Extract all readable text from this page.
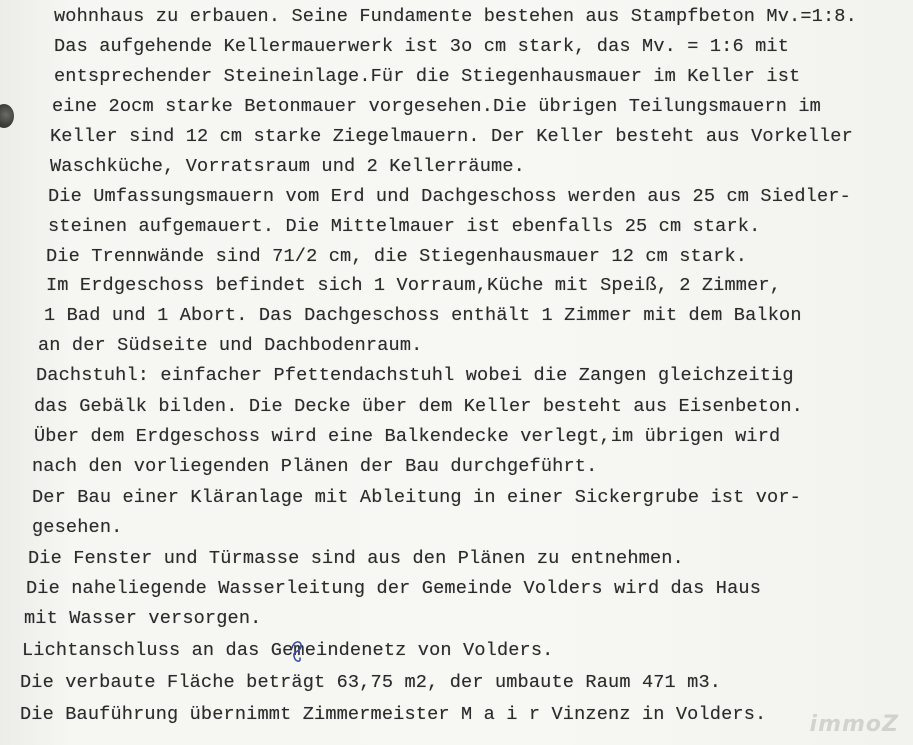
wohnhaus zu erbauen. Seine Fundamente bestehen aus Stampfbeton Mv.=1:8.
Das aufgehende Kellermauerwerk ist 3o cm stark, das Mv. = 1:6 mit
entsprechender Steineinlage.Für die Stiegenhausmauer im Keller ist
eine 2ocm starke Betonmauer vorgesehen.Die übrigen Teilungsmauern im
Keller sind 12 cm starke Ziegelmauern. Der Keller besteht aus Vorkeller
Waschküche, Vorratsraum und 2 Kellerräume.
Die Umfassungsmauern vom Erd und Dachgeschoss werden aus 25 cm Siedler-
steinen aufgemauert. Die Mittelmauer ist ebenfalls 25 cm stark.
Die Trennwände sind 71/2 cm, die Stiegenhausmauer 12 cm stark.
Im Erdgeschoss befindet sich 1 Vorraum,Küche mit Speiß, 2 Zimmer,
1 Bad und 1 Abort. Das Dachgeschoss enthält 1 Zimmer mit dem Balkon
an der Südseite und Dachbodenraum.
Dachstuhl: einfacher Pfettendachstuhl wobei die Zangen gleichzeitig
das Gebälk bilden. Die Decke über dem Keller besteht aus Eisenbeton.
Über dem Erdgeschoss wird eine Balkendecke verlegt,im übrigen wird
nach den vorliegenden Plänen der Bau durchgeführt.
Der Bau einer Kläranlage mit Ableitung in einer Sickergrube ist vor-
gesehen.
Die Fenster und Türmasse sind aus den Plänen zu entnehmen.
Die naheliegende Wasserleitung der Gemeinde Volders wird das Haus
mit Wasser versorgen.
Lichtanschluss an das Gemeindenetz von Volders.
Die verbaute Fläche beträgt 63,75 m2, der umbaute Raum 471 m3.
Die Bauführung übernimmt Zimmermeister M a i r Vinzenz in Volders. immoZ
